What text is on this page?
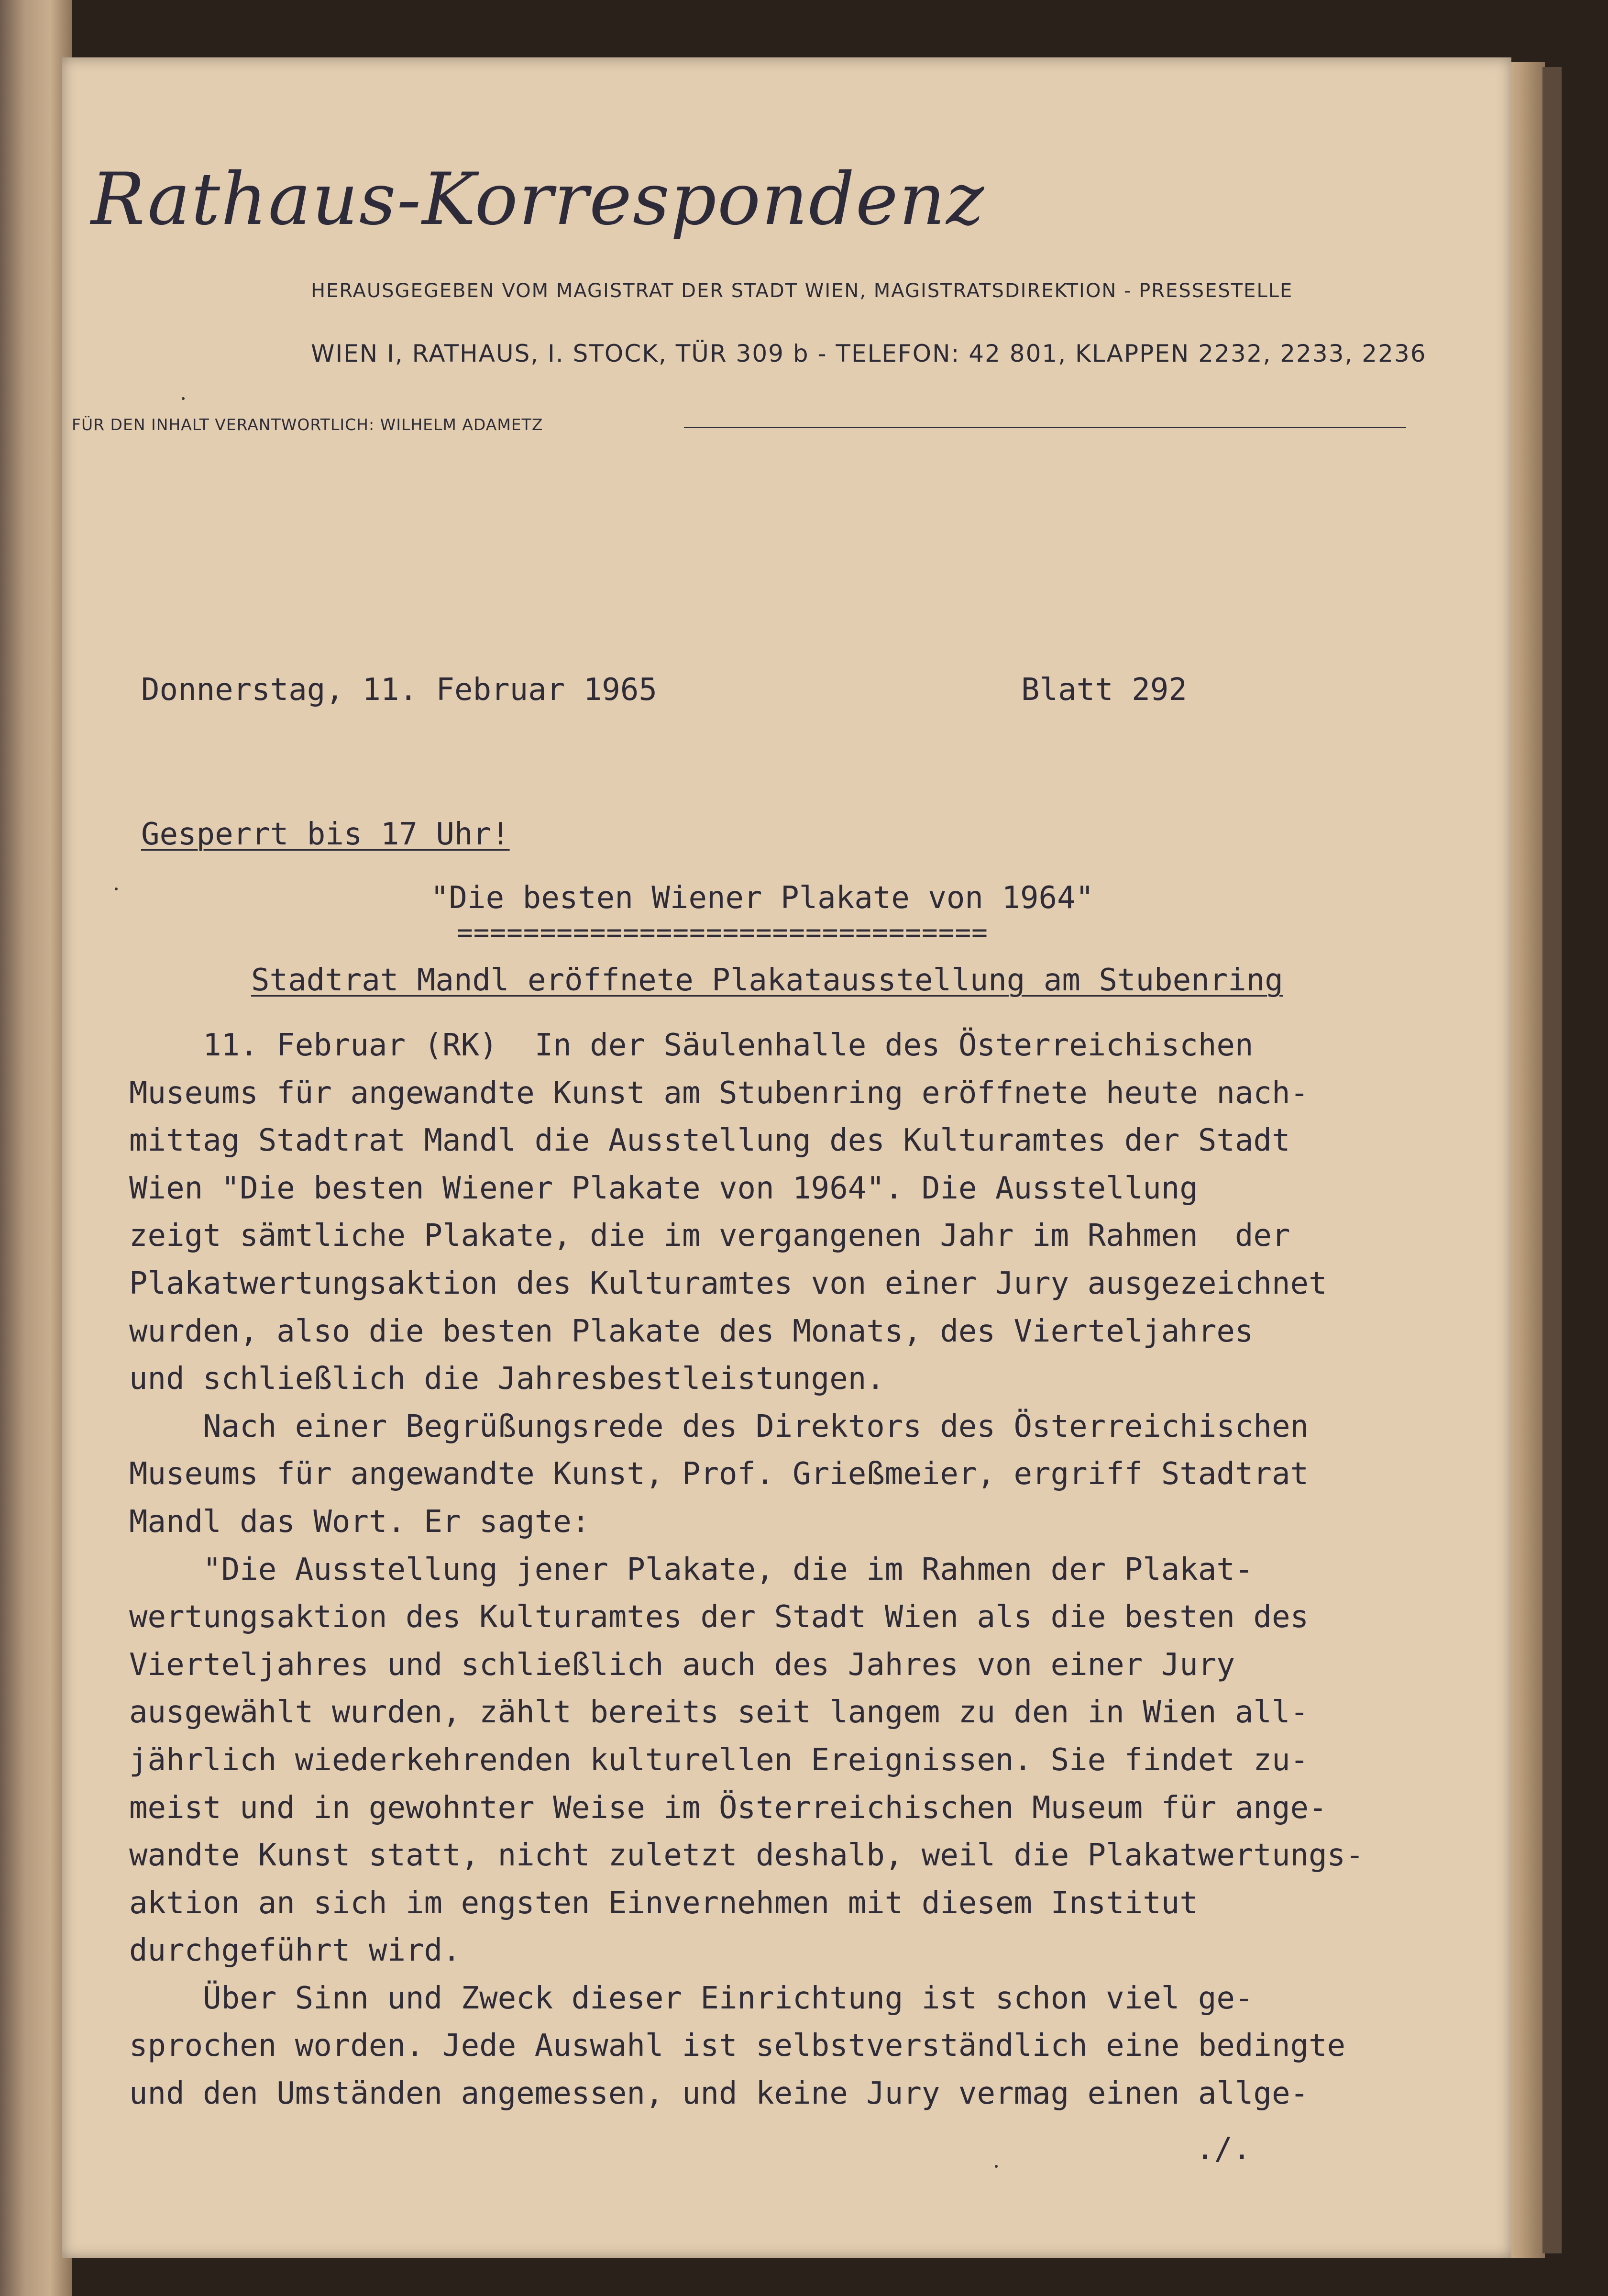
Rathaus-Korrespondenz
HERAUSGEGEBEN VOM MAGISTRAT DER STADT WIEN, MAGISTRATSDIREKTION - PRESSESTELLE
WIEN I, RATHAUS, I. STOCK, TÜR 309 b - TELEFON: 42 801, KLAPPEN 2232, 2233, 2236
FÜR DEN INHALT VERANTWORTLICH: WILHELM ADAMETZ
Donnerstag, 11. Februar 1965	Blatt 292
Gesperrt bis 17 Uhr!
"Die besten Wiener Plakate von 1964"
================================
Stadtrat Mandl eröffnete Plakatausstellung am Stubenring
11. Februar (RK)  In der Säulenhalle des Österreichischen
Museums für angewandte Kunst am Stubenring eröffnete heute nach-
mittag Stadtrat Mandl die Ausstellung des Kulturamtes der Stadt
Wien "Die besten Wiener Plakate von 1964". Die Ausstellung
zeigt sämtliche Plakate, die im vergangenen Jahr im Rahmen  der
Plakatwertungsaktion des Kulturamtes von einer Jury ausgezeichnet
wurden, also die besten Plakate des Monats, des Vierteljahres
und schließlich die Jahresbestleistungen.
Nach einer Begrüßungsrede des Direktors des Österreichischen
Museums für angewandte Kunst, Prof. Grießmeier, ergriff Stadtrat
Mandl das Wort. Er sagte:
"Die Ausstellung jener Plakate, die im Rahmen der Plakat-
wertungsaktion des Kulturamtes der Stadt Wien als die besten des
Vierteljahres und schließlich auch des Jahres von einer Jury
ausgewählt wurden, zählt bereits seit langem zu den in Wien all-
jährlich wiederkehrenden kulturellen Ereignissen. Sie findet zu-
meist und in gewohnter Weise im Österreichischen Museum für ange-
wandte Kunst statt, nicht zuletzt deshalb, weil die Plakatwertungs-
aktion an sich im engsten Einvernehmen mit diesem Institut
durchgeführt wird.
Über Sinn und Zweck dieser Einrichtung ist schon viel ge-
sprochen worden. Jede Auswahl ist selbstverständlich eine bedingte
und den Umständen angemessen, und keine Jury vermag einen allge-
./.
